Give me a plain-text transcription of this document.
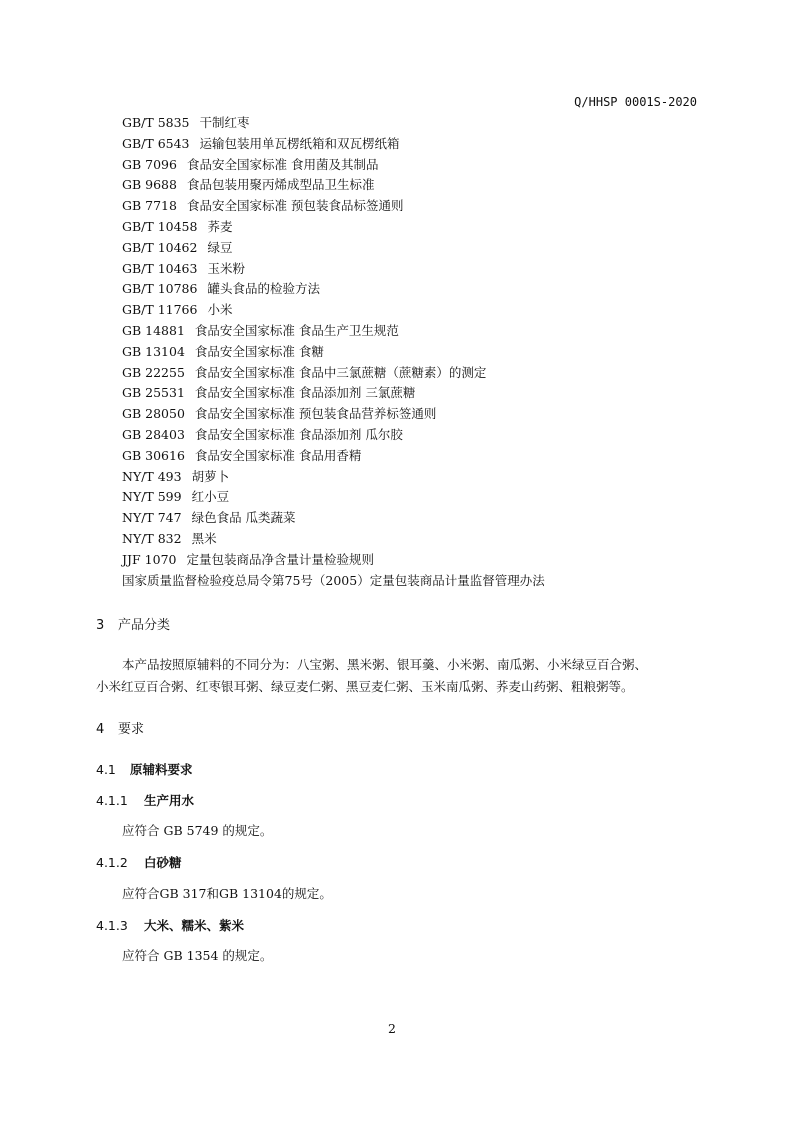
Q/HHSP 0001S-2020
GB/T 5835 干制红枣
GB/T 6543 运输包装用单瓦楞纸箱和双瓦楞纸箱
GB 7096 食品安全国家标准 食用菌及其制品
GB 9688 食品包装用聚丙烯成型品卫生标准
GB 7718 食品安全国家标准 预包装食品标签通则
GB/T 10458 荞麦
GB/T 10462 绿豆
GB/T 10463 玉米粉
GB/T 10786 罐头食品的检验方法
GB/T 11766 小米
GB 14881 食品安全国家标准 食品生产卫生规范
GB 13104 食品安全国家标准 食糖
GB 22255 食品安全国家标准 食品中三氯蔗糖（蔗糖素）的测定
GB 25531 食品安全国家标准 食品添加剂 三氯蔗糖
GB 28050 食品安全国家标准 预包装食品营养标签通则
GB 28403 食品安全国家标准 食品添加剂 瓜尔胶
GB 30616 食品安全国家标准 食品用香精
NY/T 493 胡萝卜
NY/T 599 红小豆
NY/T 747 绿色食品 瓜类蔬菜
NY/T 832 黑米
JJF 1070 定量包装商品净含量计量检验规则
国家质量监督检验疫总局令第75号（2005）定量包装商品计量监督管理办法
3 产品分类
本产品按照原辅料的不同分为：八宝粥、黑米粥、银耳羹、小米粥、南瓜粥、小米绿豆百合粥、
小米红豆百合粥、红枣银耳粥、绿豆麦仁粥、黑豆麦仁粥、玉米南瓜粥、荞麦山药粥、粗粮粥等。
4 要求
4.1 原辅料要求
4.1.1 生产用水
应符合 GB 5749 的规定。
4.1.2 白砂糖
应符合GB 317和GB 13104的规定。
4.1.3 大米、糯米、紫米
应符合 GB 1354 的规定。
2
